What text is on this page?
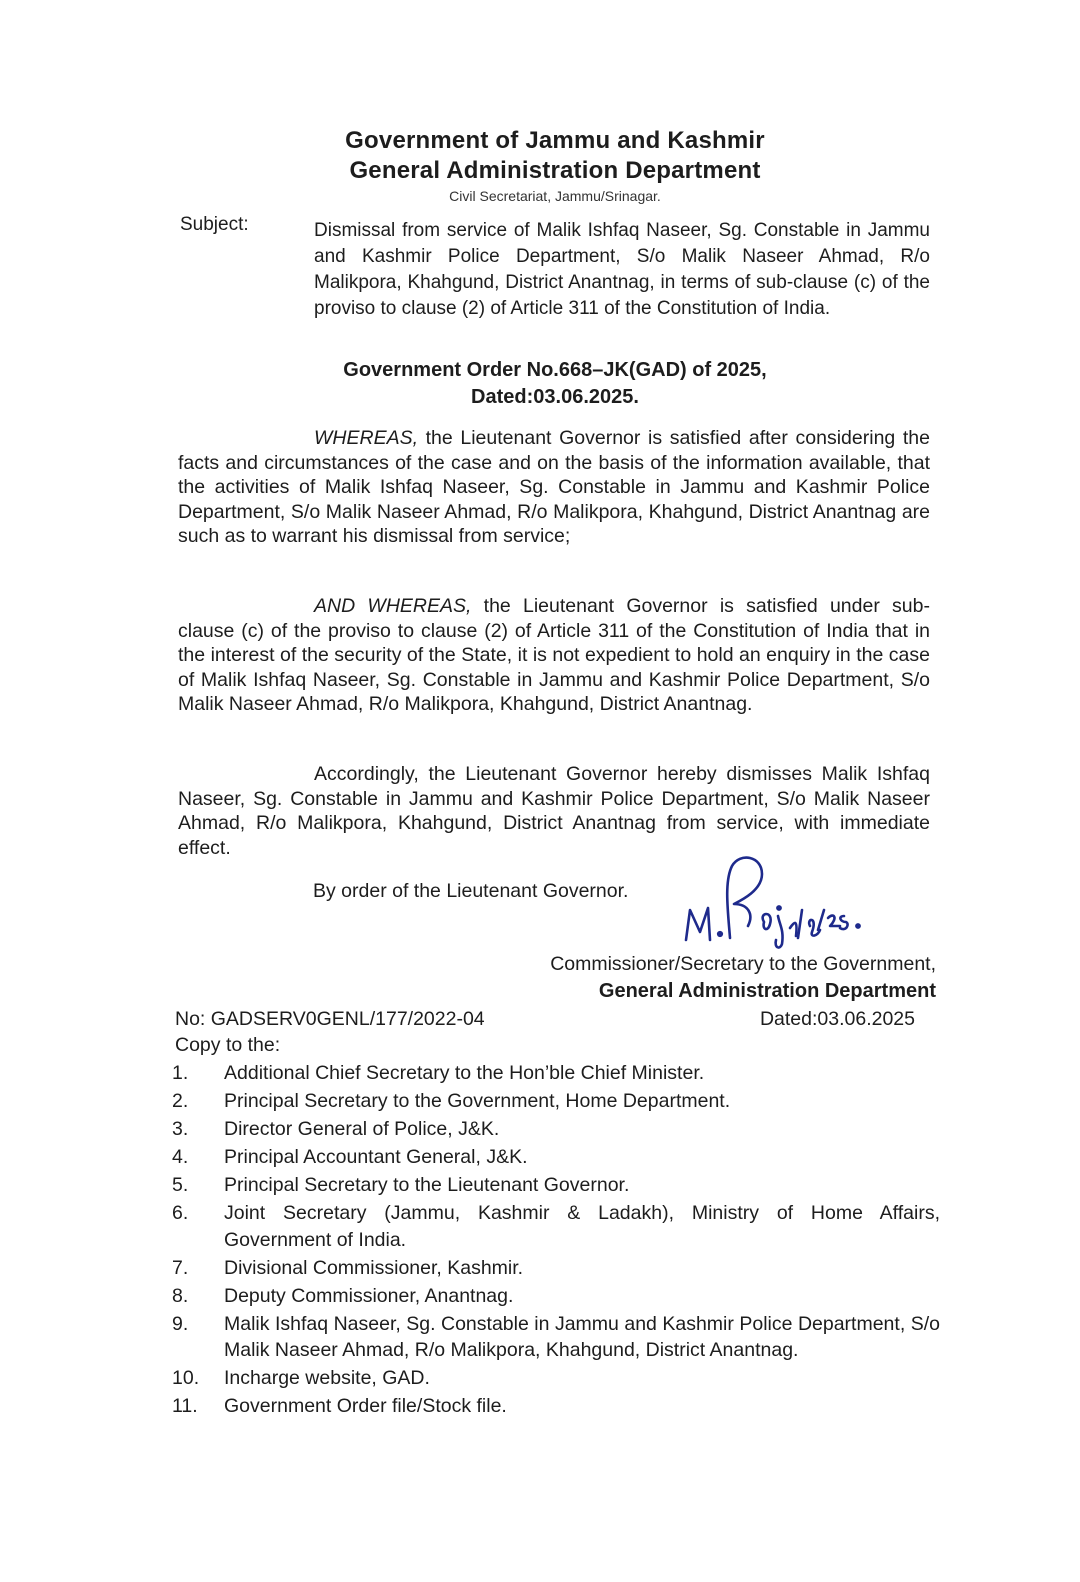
Government of Jammu and Kashmir
General Administration Department
Civil Secretariat, Jammu/Srinagar.
Subject:	Dismissal from service of Malik Ishfaq Naseer, Sg. Constable in Jammu and Kashmir Police Department, S/o Malik Naseer Ahmad, R/o Malikpora, Khahgund, District Anantnag, in terms of sub-clause (c) of the proviso to clause (2) of Article 311 of the Constitution of India.
Government Order No.668–JK(GAD) of 2025,
Dated:03.06.2025.
WHEREAS, the Lieutenant Governor is satisfied after considering the facts and circumstances of the case and on the basis of the information available, that the activities of Malik Ishfaq Naseer, Sg. Constable in Jammu and Kashmir Police Department, S/o Malik Naseer Ahmad, R/o Malikpora, Khahgund, District Anantnag are such as to warrant his dismissal from service;
AND WHEREAS, the Lieutenant Governor is satisfied under sub-clause (c) of the proviso to clause (2) of Article 311 of the Constitution of India that in the interest of the security of the State, it is not expedient to hold an enquiry in the case of Malik Ishfaq Naseer, Sg. Constable in Jammu and Kashmir Police Department, S/o Malik Naseer Ahmad, R/o Malikpora, Khahgund, District Anantnag.
Accordingly, the Lieutenant Governor hereby dismisses Malik Ishfaq Naseer, Sg. Constable in Jammu and Kashmir Police Department, S/o Malik Naseer Ahmad, R/o Malikpora, Khahgund, District Anantnag from service, with immediate effect.
By order of the Lieutenant Governor.
Commissioner/Secretary to the Government,
General Administration Department
No: GADSERV0GENL/177/2022-04	Dated:03.06.2025
Copy to the:
1.	Additional Chief Secretary to the Hon’ble Chief Minister.
2.	Principal Secretary to the Government, Home Department.
3.	Director General of Police, J&K.
4.	Principal Accountant General, J&K.
5.	Principal Secretary to the Lieutenant Governor.
6.	Joint Secretary (Jammu, Kashmir & Ladakh), Ministry of Home Affairs, Government of India.
7.	Divisional Commissioner, Kashmir.
8.	Deputy Commissioner, Anantnag.
9.	Malik Ishfaq Naseer, Sg. Constable in Jammu and Kashmir Police Department, S/o Malik Naseer Ahmad, R/o Malikpora, Khahgund, District Anantnag.
10.	Incharge website, GAD.
11.	Government Order file/Stock file.
